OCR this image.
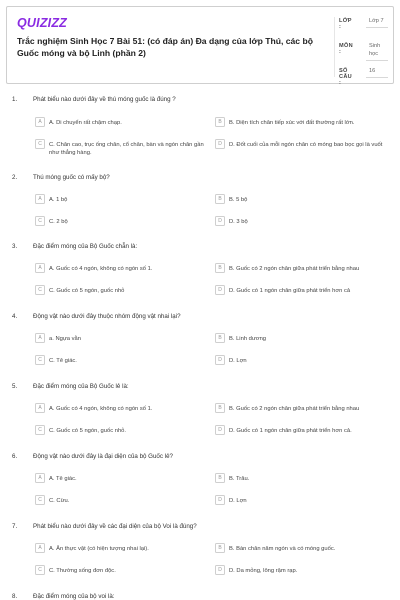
QUIZIZZ
Trắc nghiệm Sinh Học 7 Bài 51: (có đáp án) Đa dạng của lớp Thú, các bộ Guốc móng và bộ Linh (phần 2)
LỚP :
Lớp 7
MÔN :
Sinh học
SỐ CÂU :
16
1.	Phát biểu nào dưới đây về thú móng guốc là đúng ?
A	A. Di chuyển rất chậm chạp.	B	B. Diện tích chân tiếp xúc với đất thường rất lớn.
C	C. Chân cao, trục ống chân, cổ chân, bàn và ngón chân gần như thẳng hàng.
D	D. Đốt cuối của mỗi ngón chân có móng bao bọc gọi là vuốt
2.	Thú móng guốc có mấy bộ?
A	A. 1 bộ	B	B. 5 bộ
C	C. 2 bộ	D	D. 3 bộ
3.	Đặc điểm móng của Bộ Guốc chẵn là:
A	A. Guốc có 4 ngón, không có ngón số 1.	B	B. Guốc có 2 ngón chân giữa phát triển bằng nhau
C	C. Guốc có 5 ngón, guốc nhỏ	D	D. Guốc có 1 ngón chân giữa phát triển hơn cả
4.	Động vật nào dưới đây thuộc nhóm động vật nhai lại?
A	a. Ngựa vằn	B	B. Linh dương
C	C. Tê giác.	D	D. Lợn
5.	Đặc điểm móng của Bộ Guốc lẻ là:
A	A. Guốc có 4 ngón, không có ngón số 1.	B	B. Guốc có 2 ngón chân giữa phát triển bằng nhau
C	C. Guốc có 5 ngón, guốc nhỏ.	D	D. Guốc có 1 ngón chân giữa phát triển hơn cả.
6.	Động vật nào dưới đây là đại diện của bộ Guốc lẻ?
A	A. Tê giác.	B	B. Trâu.
C	C. Cừu.	D	D. Lợn
7.	Phát biểu nào dưới đây về các đại diện của bộ Voi là đúng?
A	A. Ăn thực vật (có hiện tượng nhai lại).	B	B. Bàn chân năm ngón và có móng guốc.
C	C. Thường sống đơn độc.	D	D. Da mỏng, lông rậm rạp.
8.	Đặc điểm móng của bộ voi là:
